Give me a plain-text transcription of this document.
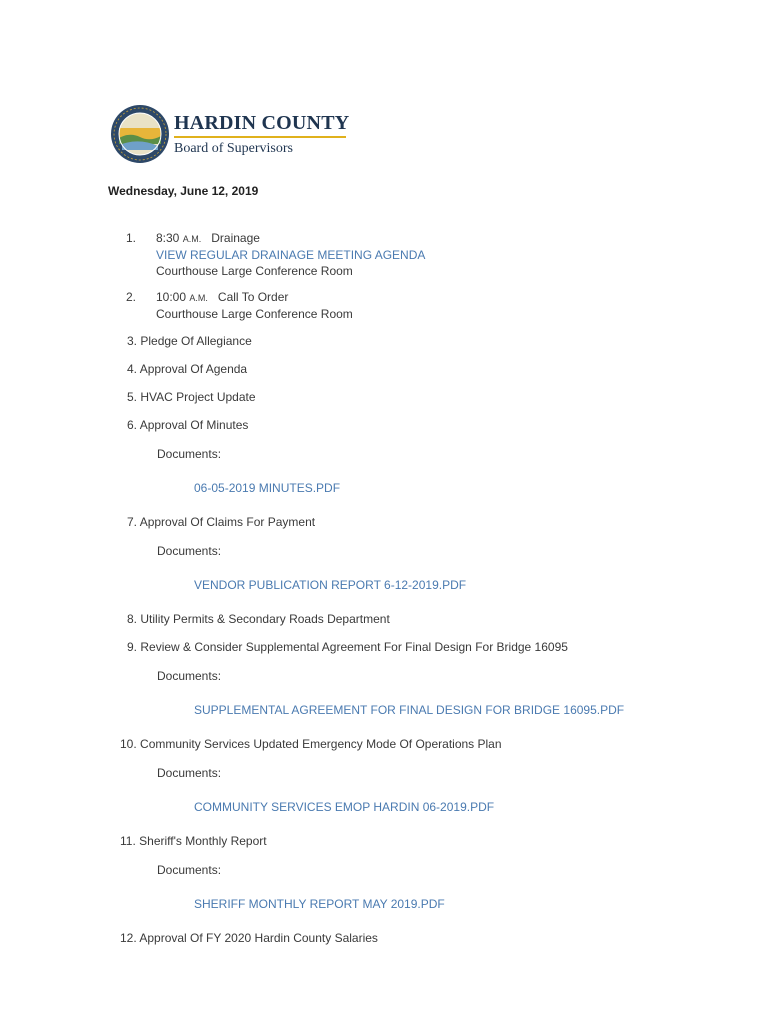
HARDIN COUNTY
Board of Supervisors
Wednesday, June 12, 2019
1. 8:30 A.M. Drainage
VIEW REGULAR DRAINAGE MEETING AGENDA
Courthouse Large Conference Room
2. 10:00 A.M. Call To Order
Courthouse Large Conference Room
3. Pledge Of Allegiance
4. Approval Of Agenda
5. HVAC Project Update
6. Approval Of Minutes
Documents:
06-05-2019 MINUTES.PDF
7. Approval Of Claims For Payment
Documents:
VENDOR PUBLICATION REPORT 6-12-2019.PDF
8. Utility Permits & Secondary Roads Department
9. Review & Consider Supplemental Agreement For Final Design For Bridge 16095
Documents:
SUPPLEMENTAL AGREEMENT FOR FINAL DESIGN FOR BRIDGE 16095.PDF
10. Community Services Updated Emergency Mode Of Operations Plan
Documents:
COMMUNITY SERVICES EMOP HARDIN 06-2019.PDF
11. Sheriff's Monthly Report
Documents:
SHERIFF MONTHLY REPORT MAY 2019.PDF
12. Approval Of FY 2020 Hardin County Salaries
